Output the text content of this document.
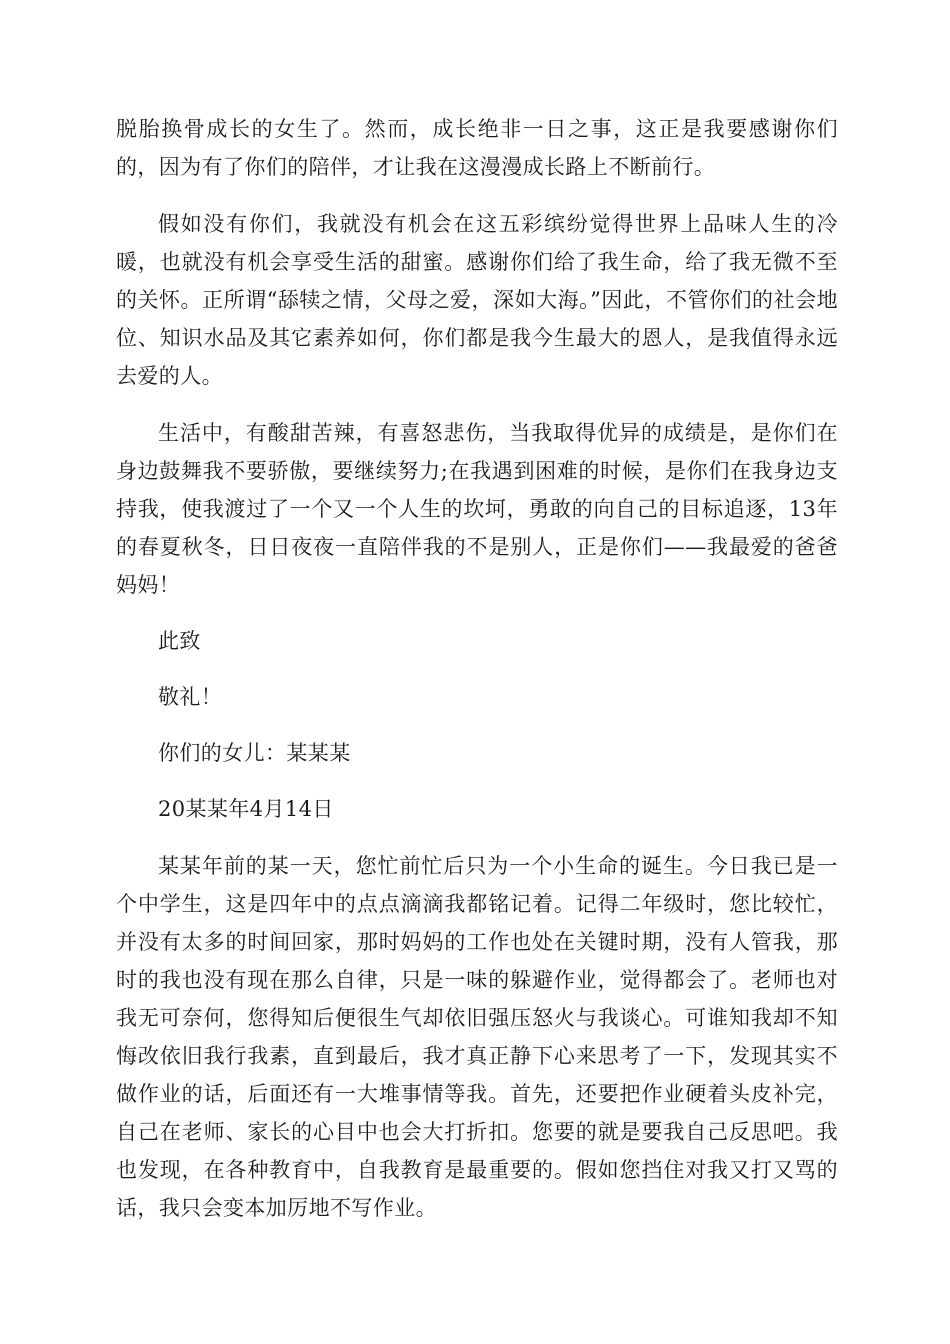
脱胎换骨成长的女生了。然而，成长绝非一日之事，这正是我要感谢你们的，因为有了你们的陪伴，才让我在这漫漫成长路上不断前行。

假如没有你们，我就没有机会在这五彩缤纷觉得世界上品味人生的冷暖，也就没有机会享受生活的甜蜜。感谢你们给了我生命，给了我无微不至的关怀。正所谓“舔犊之情，父母之爱，深如大海。”因此，不管你们的社会地位、知识水品及其它素养如何，你们都是我今生最大的恩人，是我值得永远去爱的人。

生活中，有酸甜苦辣，有喜怒悲伤，当我取得优异的成绩是，是你们在身边鼓舞我不要骄傲，要继续努力;在我遇到困难的时候，是你们在我身边支持我，使我渡过了一个又一个人生的坎坷，勇敢的向自己的目标追逐，13年的春夏秋冬，日日夜夜一直陪伴我的不是别人，正是你们——我最爱的爸爸妈妈！

此致

敬礼！

你们的女儿：某某某

20某某年4月14日

某某年前的某一天，您忙前忙后只为一个小生命的诞生。今日我已是一个中学生，这是四年中的点点滴滴我都铭记着。记得二年级时，您比较忙，并没有太多的时间回家，那时妈妈的工作也处在关键时期，没有人管我，那时的我也没有现在那么自律，只是一味的躲避作业，觉得都会了。老师也对我无可奈何，您得知后便很生气却依旧强压怒火与我谈心。可谁知我却不知悔改依旧我行我素，直到最后，我才真正静下心来思考了一下，发现其实不做作业的话，后面还有一大堆事情等我。首先，还要把作业硬着头皮补完，自己在老师、家长的心目中也会大打折扣。您要的就是要我自己反思吧。我也发现，在各种教育中，自我教育是最重要的。假如您挡住对我又打又骂的话，我只会变本加厉地不写作业。
